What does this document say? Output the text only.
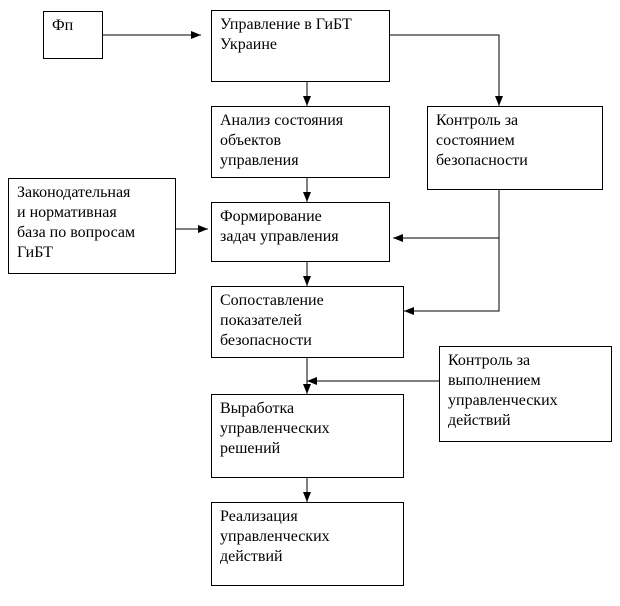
Фп	Управление в ГиБТ
Украине
Анализ состояния
объектов
управления
Контроль за
состоянием
безопасности
Законодательная
и нормативная
база по вопросам
ГиБТ
Формирование
задач управления
Сопоставление
показателей
безопасности
Контроль за
выполнением
управленческих
действий
Выработка
управленческих
решений
Реализация
управленческих
действий
